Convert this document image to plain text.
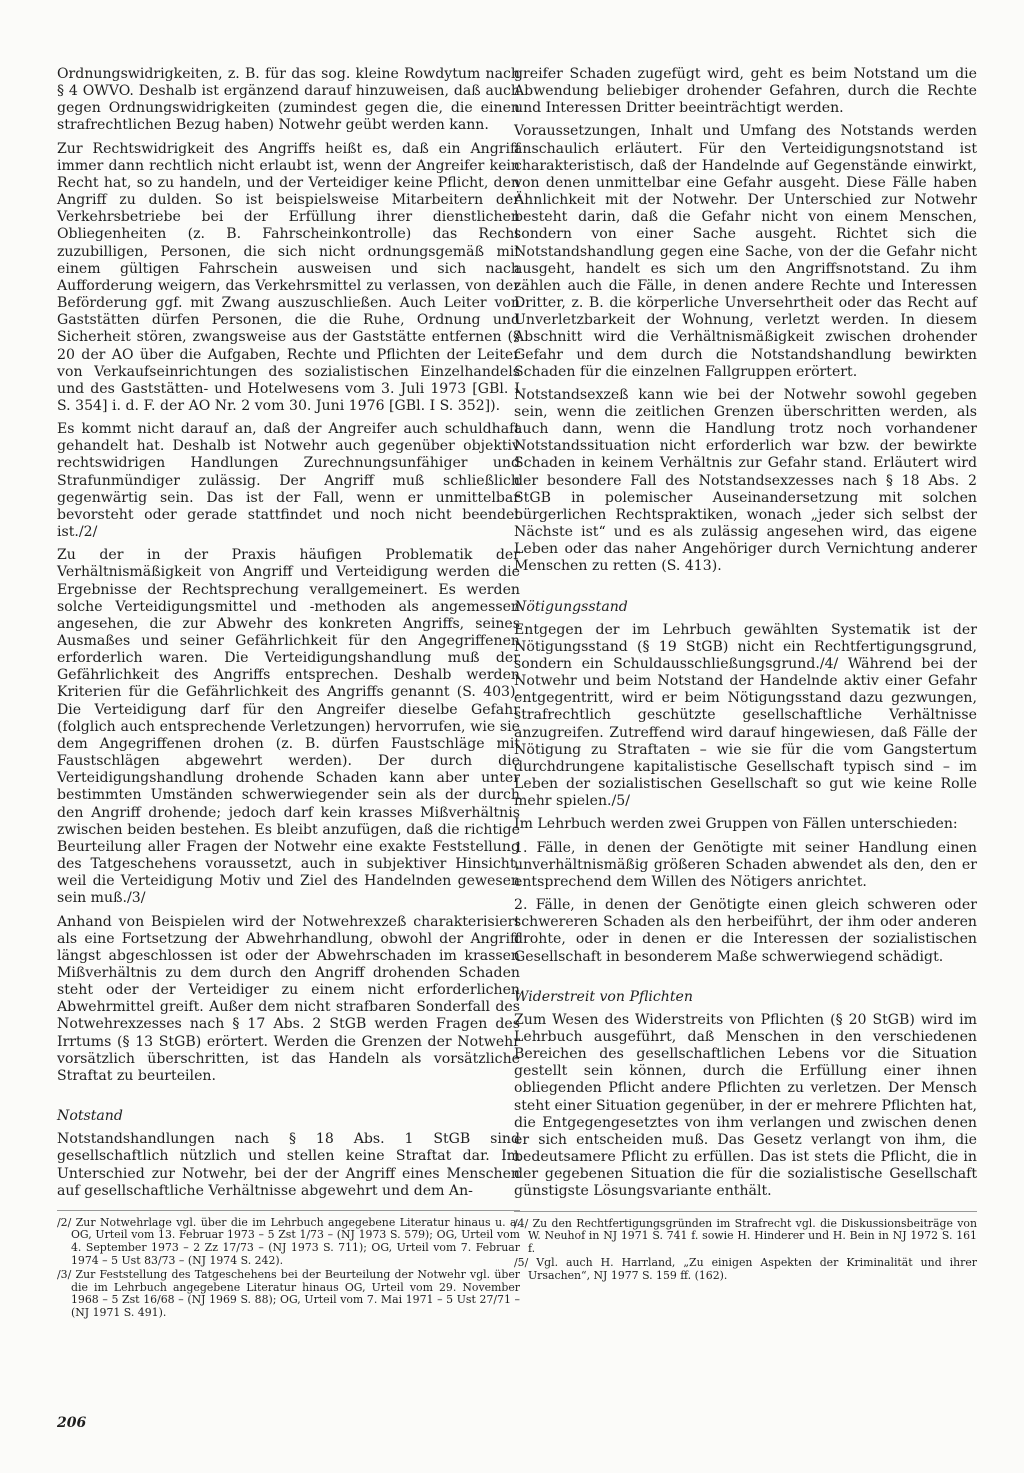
Ordnungswidrigkeiten, z. B. für das sog. kleine Rowdytum nach § 4 OWVO. Deshalb ist ergänzend darauf hinzuweisen, daß auch gegen Ordnungswidrigkeiten (zumindest gegen die, die einen strafrechtlichen Bezug haben) Notwehr geübt werden kann.

Zur Rechtswidrigkeit des Angriffs heißt es, daß ein Angriff immer dann rechtlich nicht erlaubt ist, wenn der Angreifer kein Recht hat, so zu handeln, und der Verteidiger keine Pflicht, den Angriff zu dulden. So ist beispielsweise Mitarbeitern der Verkehrsbetriebe bei der Erfüllung ihrer dienstlichen Obliegenheiten (z. B. Fahrscheinkontrolle) das Recht zuzubilligen, Personen, die sich nicht ordnungsgemäß mit einem gültigen Fahrschein ausweisen und sich nach Aufforderung weigern, das Verkehrsmittel zu verlassen, von der Beförderung ggf. mit Zwang auszuschließen. Auch Leiter von Gaststätten dürfen Personen, die die Ruhe, Ordnung und Sicherheit stören, zwangsweise aus der Gaststätte entfernen (§ 20 der AO über die Aufgaben, Rechte und Pflichten der Leiter von Verkaufseinrichtungen des sozialistischen Einzelhandels und des Gaststätten- und Hotelwesens vom 3. Juli 1973 [GBl. I S. 354] i. d. F. der AO Nr. 2 vom 30. Juni 1976 [GBl. I S. 352]).

Es kommt nicht darauf an, daß der Angreifer auch schuldhaft gehandelt hat. Deshalb ist Notwehr auch gegenüber objektiv rechtswidrigen Handlungen Zurechnungsunfähiger und Strafunmündiger zulässig. Der Angriff muß schließlich gegenwärtig sein. Das ist der Fall, wenn er unmittelbar bevorsteht oder gerade stattfindet und noch nicht beendet ist./2/

Zu der in der Praxis häufigen Problematik der Verhältnismäßigkeit von Angriff und Verteidigung werden die Ergebnisse der Rechtsprechung verallgemeinert. Es werden solche Verteidigungsmittel und -methoden als angemessen angesehen, die zur Abwehr des konkreten Angriffs, seines Ausmaßes und seiner Gefährlichkeit für den Angegriffenen erforderlich waren. Die Verteidigungshandlung muß der Gefährlichkeit des Angriffs entsprechen. Deshalb werden Kriterien für die Gefährlichkeit des Angriffs genannt (S. 403). Die Verteidigung darf für den Angreifer dieselbe Gefahr (folglich auch entsprechende Verletzungen) hervorrufen, wie sie dem Angegriffenen drohen (z. B. dürfen Faustschläge mit Faustschlägen abgewehrt werden). Der durch die Verteidigungshandlung drohende Schaden kann aber unter bestimmten Umständen schwerwiegender sein als der durch den Angriff drohende; jedoch darf kein krasses Mißverhältnis zwischen beiden bestehen. Es bleibt anzufügen, daß die richtige Beurteilung aller Fragen der Notwehr eine exakte Feststellung des Tatgeschehens voraussetzt, auch in subjektiver Hinsicht, weil die Verteidigung Motiv und Ziel des Handelnden gewesen sein muß./3/

Anhand von Beispielen wird der Notwehrexzeß charakterisiert als eine Fortsetzung der Abwehrhandlung, obwohl der Angriff längst abgeschlossen ist oder der Abwehrschaden im krassen Mißverhältnis zu dem durch den Angriff drohenden Schaden steht oder der Verteidiger zu einem nicht erforderlichen Abwehrmittel greift. Außer dem nicht strafbaren Sonderfall des Notwehrexzesses nach § 17 Abs. 2 StGB werden Fragen des Irrtums (§ 13 StGB) erörtert. Werden die Grenzen der Notwehr vorsätzlich überschritten, ist das Handeln als vorsätzliche Straftat zu beurteilen.

Notstand

Notstandshandlungen nach § 18 Abs. 1 StGB sind gesellschaftlich nützlich und stellen keine Straftat dar. Im Unterschied zur Notwehr, bei der der Angriff eines Menschen auf gesellschaftliche Verhältnisse abgewehrt und dem An-

/2/ Zur Notwehrlage vgl. über die im Lehrbuch angegebene Literatur hinaus u. a. OG, Urteil vom 13. Februar 1973 – 5 Zst 1/73 – (NJ 1973 S. 579); OG, Urteil vom 4. September 1973 – 2 Zz 17/73 – (NJ 1973 S. 711); OG, Urteil vom 7. Februar 1974 – 5 Ust 83/73 – (NJ 1974 S. 242).

/3/ Zur Feststellung des Tatgeschehens bei der Beurteilung der Notwehr vgl. über die im Lehrbuch angegebene Literatur hinaus OG, Urteil vom 29. November 1968 – 5 Zst 16/68 – (NJ 1969 S. 88); OG, Urteil vom 7. Mai 1971 – 5 Ust 27/71 – (NJ 1971 S. 491).

greifer Schaden zugefügt wird, geht es beim Notstand um die Abwendung beliebiger drohender Gefahren, durch die Rechte und Interessen Dritter beeinträchtigt werden.

Voraussetzungen, Inhalt und Umfang des Notstands werden anschaulich erläutert. Für den Verteidigungsnotstand ist charakteristisch, daß der Handelnde auf Gegenstände einwirkt, von denen unmittelbar eine Gefahr ausgeht. Diese Fälle haben Ähnlichkeit mit der Notwehr. Der Unterschied zur Notwehr besteht darin, daß die Gefahr nicht von einem Menschen, sondern von einer Sache ausgeht. Richtet sich die Notstandshandlung gegen eine Sache, von der die Gefahr nicht ausgeht, handelt es sich um den Angriffsnotstand. Zu ihm zählen auch die Fälle, in denen andere Rechte und Interessen Dritter, z. B. die körperliche Unversehrtheit oder das Recht auf Unverletzbarkeit der Wohnung, verletzt werden. In diesem Abschnitt wird die Verhältnismäßigkeit zwischen drohender Gefahr und dem durch die Notstandshandlung bewirkten Schaden für die einzelnen Fallgruppen erörtert.

Notstandsexzeß kann wie bei der Notwehr sowohl gegeben sein, wenn die zeitlichen Grenzen überschritten werden, als auch dann, wenn die Handlung trotz noch vorhandener Notstandssituation nicht erforderlich war bzw. der bewirkte Schaden in keinem Verhältnis zur Gefahr stand. Erläutert wird der besondere Fall des Notstandsexzesses nach § 18 Abs. 2 StGB in polemischer Auseinandersetzung mit solchen bürgerlichen Rechtspraktiken, wonach „jeder sich selbst der Nächste ist“ und es als zulässig angesehen wird, das eigene Leben oder das naher Angehöriger durch Vernichtung anderer Menschen zu retten (S. 413).

Nötigungsstand

Entgegen der im Lehrbuch gewählten Systematik ist der Nötigungsstand (§ 19 StGB) nicht ein Rechtfertigungsgrund, sondern ein Schuldausschließungsgrund./4/ Während bei der Notwehr und beim Notstand der Handelnde aktiv einer Gefahr entgegentritt, wird er beim Nötigungsstand dazu gezwungen, strafrechtlich geschützte gesellschaftliche Verhältnisse anzugreifen. Zutreffend wird darauf hingewiesen, daß Fälle der Nötigung zu Straftaten – wie sie für die vom Gangstertum durchdrungene kapitalistische Gesellschaft typisch sind – im Leben der sozialistischen Gesellschaft so gut wie keine Rolle mehr spielen./5/

Im Lehrbuch werden zwei Gruppen von Fällen unterschieden:

1. Fälle, in denen der Genötigte mit seiner Handlung einen unverhältnismäßig größeren Schaden abwendet als den, den er entsprechend dem Willen des Nötigers anrichtet.

2. Fälle, in denen der Genötigte einen gleich schweren oder schwereren Schaden als den herbeiführt, der ihm oder anderen drohte, oder in denen er die Interessen der sozialistischen Gesellschaft in besonderem Maße schwerwiegend schädigt.

Widerstreit von Pflichten

Zum Wesen des Widerstreits von Pflichten (§ 20 StGB) wird im Lehrbuch ausgeführt, daß Menschen in den verschiedenen Bereichen des gesellschaftlichen Lebens vor die Situation gestellt sein können, durch die Erfüllung einer ihnen obliegenden Pflicht andere Pflichten zu verletzen. Der Mensch steht einer Situation gegenüber, in der er mehrere Pflichten hat, die Entgegengesetztes von ihm verlangen und zwischen denen er sich entscheiden muß. Das Gesetz verlangt von ihm, die bedeutsamere Pflicht zu erfüllen. Das ist stets die Pflicht, die in der gegebenen Situation die für die sozialistische Gesellschaft günstigste Lösungsvariante enthält.

/4/ Zu den Rechtfertigungsgründen im Strafrecht vgl. die Diskussionsbeiträge von W. Neuhof in NJ 1971 S. 741 f. sowie H. Hinderer und H. Bein in NJ 1972 S. 161 f.

/5/ Vgl. auch H. Harrland, „Zu einigen Aspekten der Kriminalität und ihrer Ursachen“, NJ 1977 S. 159 ff. (162).

206
